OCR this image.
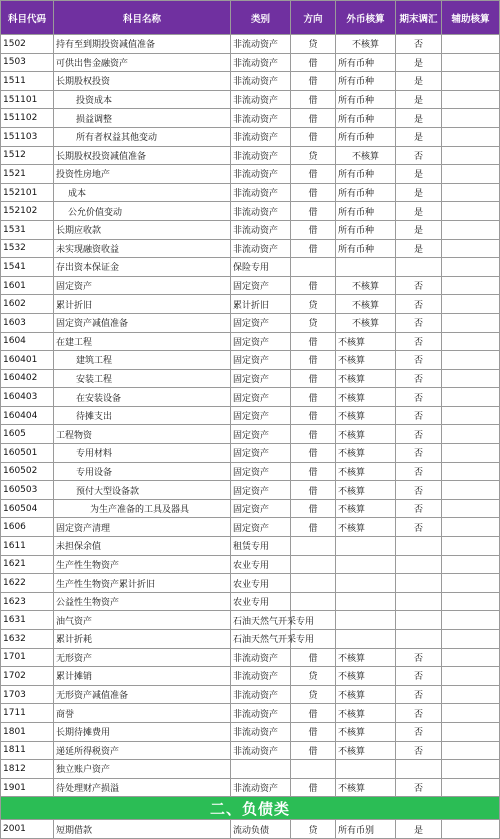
科目代码	科目名称	类别	方向	外币核算	期末调汇	辅助核算
1502	持有至到期投资减值准备	非流动资产	贷	不核算	否	
1503	可供出售金融资产	非流动资产	借	所有币种	是	
1511	长期股权投资	非流动资产	借	所有币种	是	
151101	投资成本	非流动资产	借	所有币种	是	
151102	损益调整	非流动资产	借	所有币种	是	
151103	所有者权益其他变动	非流动资产	借	所有币种	是	
1512	长期股权投资减值准备	非流动资产	贷	不核算	否	
1521	投资性房地产	非流动资产	借	所有币种	是	
152101	成本	非流动资产	借	所有币种	是	
152102	公允价值变动	非流动资产	借	所有币种	是	
1531	长期应收款	非流动资产	借	所有币种	是	
1532	未实现融资收益	非流动资产	借	所有币种	是	
1541	存出资本保证金	保险专用				
1601	固定资产	固定资产	借	不核算	否	
1602	累计折旧	累计折旧	贷	不核算	否	
1603	固定资产减值准备	固定资产	贷	不核算	否	
1604	在建工程	固定资产	借	不核算	否	
160401	建筑工程	固定资产	借	不核算	否	
160402	安装工程	固定资产	借	不核算	否	
160403	在安装设备	固定资产	借	不核算	否	
160404	待摊支出	固定资产	借	不核算	否	
1605	工程物资	固定资产	借	不核算	否	
160501	专用材料	固定资产	借	不核算	否	
160502	专用设备	固定资产	借	不核算	否	
160503	预付大型设备款	固定资产	借	不核算	否	
160504	为生产准备的工具及器具	固定资产	借	不核算	否	
1606	固定资产清理	固定资产	借	不核算	否	
1611	未担保余值	租赁专用				
1621	生产性生物资产	农业专用				
1622	生产性生物资产累计折旧	农业专用				
1623	公益性生物资产	农业专用				
1631	油气资产	石油天然气开采专用				
1632	累计折耗	石油天然气开采专用				
1701	无形资产	非流动资产	借	不核算	否	
1702	累计摊销	非流动资产	贷	不核算	否	
1703	无形资产减值准备	非流动资产	贷	不核算	否	
1711	商誉	非流动资产	借	不核算	否	
1801	长期待摊费用	非流动资产	借	不核算	否	
1811	递延所得税资产	非流动资产	借	不核算	否	
1812	独立账户资产					
1901	待处理财产损溢	非流动资产	借	不核算	否	
二、负债类						
2001	短期借款	流动负债	贷	所有币别	是	
